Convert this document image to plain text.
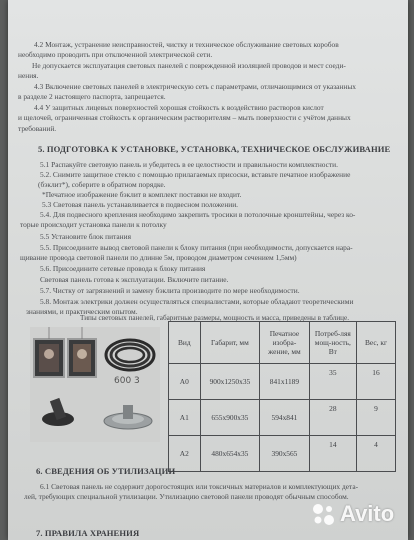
4.2 Монтаж, устранение неисправностей, чистку и техническое обслуживание световых коробов
необходимо проводить при отключенной электрической сети.
Не допускается эксплуатация световых панелей с поврежденной изоляцией проводов и мест соеди-
нения.
4.3 Включение световых панелей в электрическую сеть с параметрами, отличающимися от указанных
в разделе 2 настоящего паспорта, запрещается.
4.4 У защитных лицевых поверхностей хорошая стойкость к воздействию растворов кислот
и щелочей, ограниченная стойкость к органическим растворителям – мыть поверхности с учётом данных
требований.
5. ПОДГОТОВКА К УСТАНОВКЕ, УСТАНОВКА, ТЕХНИЧЕСКОЕ ОБСЛУЖИВАНИЕ
5.1 Распакуйте световую панель и убедитесь в ее целостности и правильности комплектности.
5.2. Снимите защитное стекло с помощью прилагаемых присоски, вставьте печатное изображение
(бэклит*), соберите в обратном порядке.
*Печатное изображение бэклит в комплект поставки не входит.
5.3 Световая панель устанавливается в подвесном положении.
5.4. Для подвесного крепления необходимо закрепить тросики в потолочные кронштейны, через ко-
торые происходит установка панели к потолку
5.5 Установите блок питания
5.5. Присоедините вывод световой панели к блоку питания (при необходимости, допускается нара-
щивание провода световой панели по длинне 5м, проводом диаметром сечением 1,5мм)
5.6. Присоедините сетевые провода к блоку питания
Световая панель готова к эксплуатации. Включите питание.
5.7. Чистку от загрязнений и замену бэклита производите по мере необходимости.
5.8. Монтаж электрики должен осуществляться специалистами, которые обладают теоретическими
знаниями, и практическим опытом.
Типы световых панелей, габаритные размеры, мощность и масса, приведены в таблице.
600 3
Вид	Габарит, мм	Печатное изобра-жение, мм	Потреб-ляя мощ-ность, Вт	Вес, кг
А0	900х1250х35	841х1189	35	16
А1	655х900х35	594х841	28	9
А2	480х654х35	390х565	14	4
6. СВЕДЕНИЯ ОБ УТИЛИЗАЦИИ
6.1 Световая панель не содержит дорогостоящих или токсичных материалов и комплектующих дета-
лей, требующих специальной утилизации. Утилизацию световой панели проводят обычным способом.
7. ПРАВИЛА ХРАНЕНИЯ
Avito
